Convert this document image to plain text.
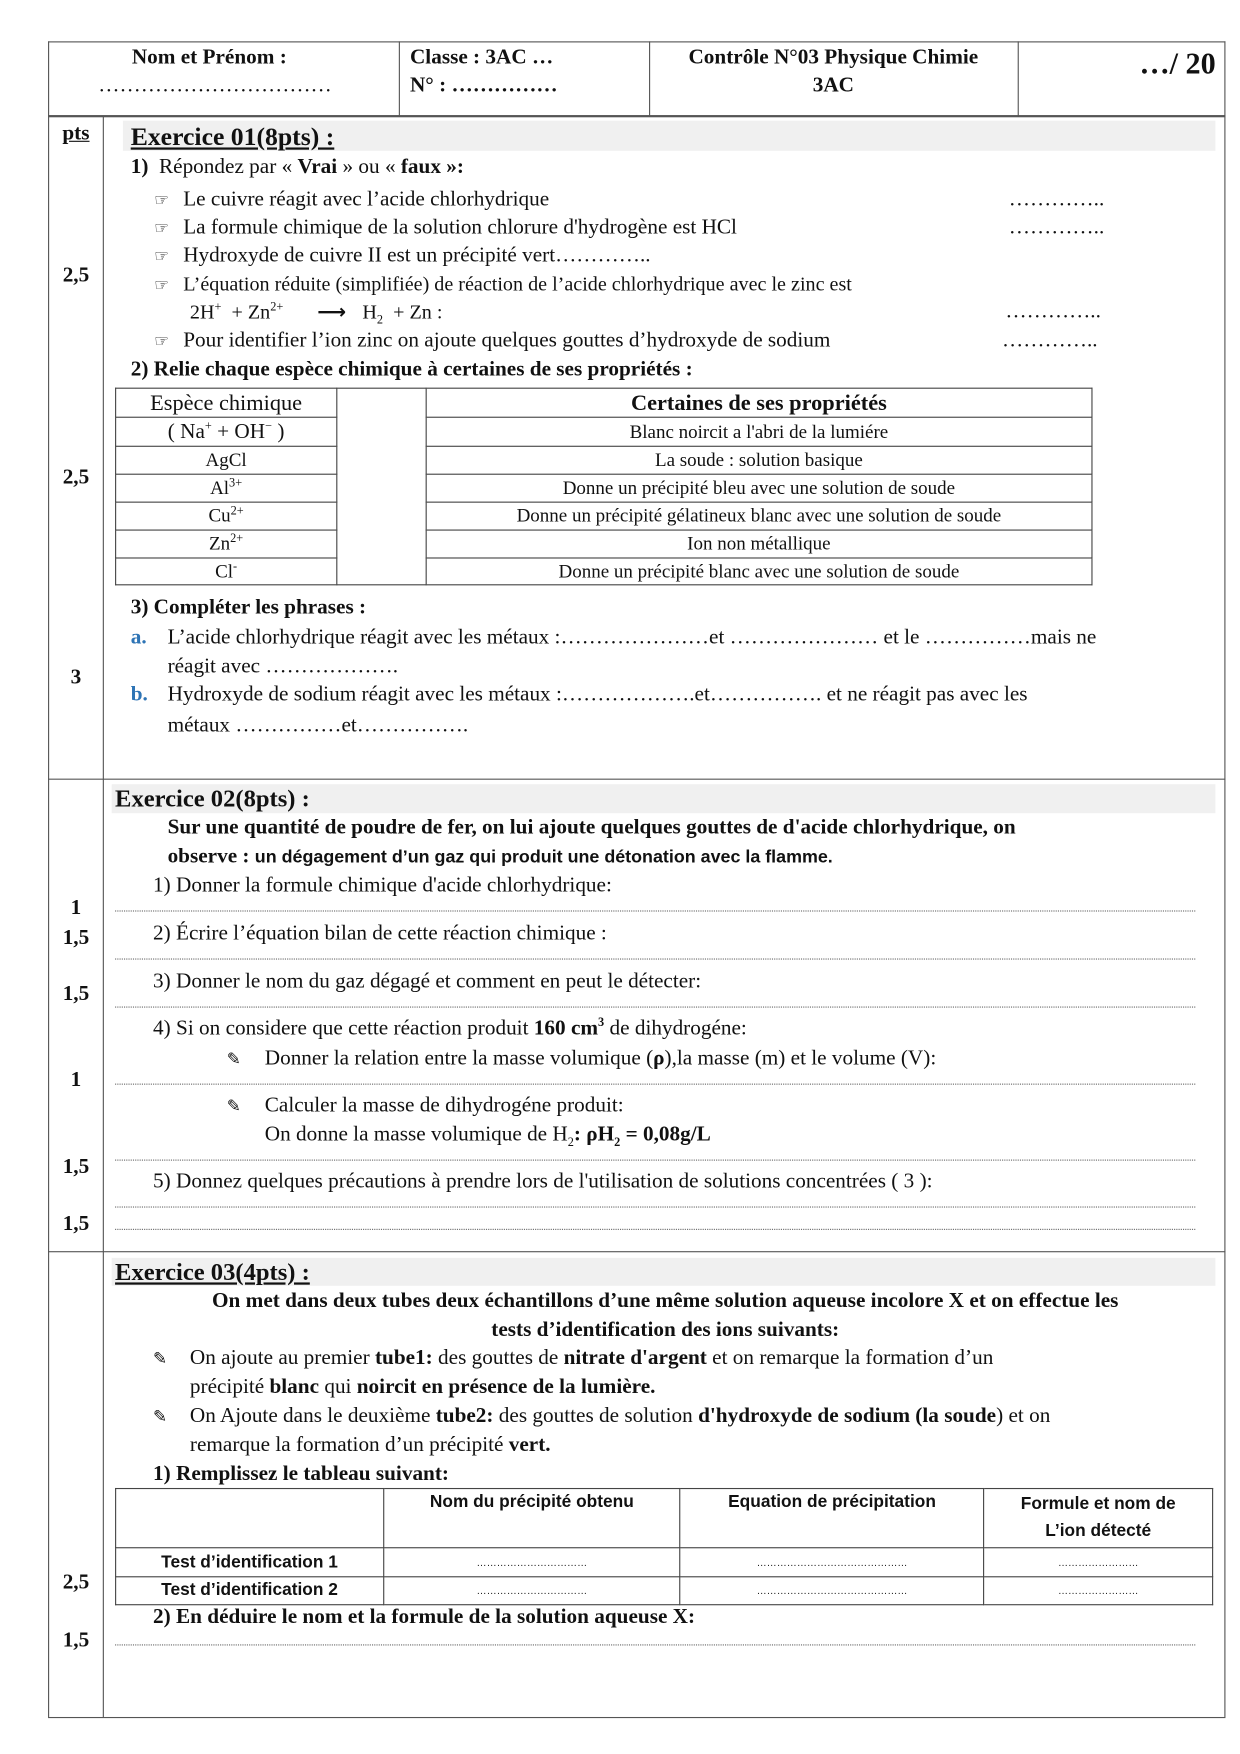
Nom et Prénom :
……………………………
Classe : 3AC …
N° : ……………
Contrôle N°03 Physique Chimie
3AC
…/ 20
pts
2,5
2,5
3
1
1,5
1,5
1
1,5
1,5
2,5
1,5
Exercice 01(8pts) :
1) Répondez par « Vrai » ou « faux »:
☞ Le cuivre réagit avec l’acide chlorhydrique
☞ La formule chimique de la solution chlorure d'hydrogène est HCl
☞ Hydroxyde de cuivre II est un précipité vert…………..
☞ L’équation réduite (simplifiée) de réaction de l’acide chlorhydrique avec le zinc est
$2H^+ + Zn^{2+}$ ⟶ $H_2 + Zn$ :
☞ Pour identifier l’ion zinc on ajoute quelques gouttes d’hydroxyde de sodium
…………..
…………..
…………..
…………..
2) Relie chaque espèce chimique à certaines de ses propriétés :
Espèce chimique		Certaines de ses propriétés
( Na+ + OH− )		Blanc noircit a l'abri de la lumiére
AgCl		La soude : solution basique
$Al^{3+}$		Donne un précipité bleu avec une solution de soude
$Cu^{2+}$		Donne un précipité gélatineux blanc avec une solution de soude
$Zn^{2+}$		Ion non métallique
Cl-		Donne un précipité blanc avec une solution de soude
3) Compléter les phrases :
a. L’acide chlorhydrique réagit avec les métaux :…………………et ………………… et le ……………mais ne
réagit avec ……………….
b. Hydroxyde de sodium réagit avec les métaux :……………….et……………. et ne réagit pas avec les
métaux ……………et…………….
Exercice 02(8pts) :
Sur une quantité de poudre de fer, on lui ajoute quelques gouttes de d'acide chlorhydrique, on
observe : un dégagement d’un gaz qui produit une détonation avec la flamme.
1) Donner la formule chimique d'acide chlorhydrique:
2) Écrire l’équation bilan de cette réaction chimique :
3) Donner le nom du gaz dégagé et comment en peut le détecter:
4) Si on considere que cette réaction produit 160 $cm^3$ de dihydrogéne:
✎ Donner la relation entre la masse volumique (ρ),la masse (m) et le volume (V):
✎ Calculer la masse de dihydrogéne produit:
On donne la masse volumique de $H_2$: $\rho H_2 = 0,08g/L$
5) Donnez quelques précautions à prendre lors de l'utilisation de solutions concentrées ( 3 ):
Exercice 03(4pts) :
On met dans deux tubes deux échantillons d’une même solution aqueuse incolore X et on effectue les
tests d’identification des ions suivants:
✎ On ajoute au premier tube1: des gouttes de nitrate d'argent et on remarque la formation d’un
précipité blanc qui noircit en présence de la lumière.
✎ On Ajoute dans le deuxième tube2: des gouttes de solution d'hydroxyde de sodium (la soude) et on
remarque la formation d’un précipité vert.
1) Remplissez le tableau suivant:
	Nom du précipité obtenu	Equation de précipitation	Formule et nom de L’ion détecté
Test d’identification 1	……………………………	………………………………………	……………………
Test d’identification 2	……………………………	………………………………………	……………………
2) En déduire le nom et la formule de la solution aqueuse X:
